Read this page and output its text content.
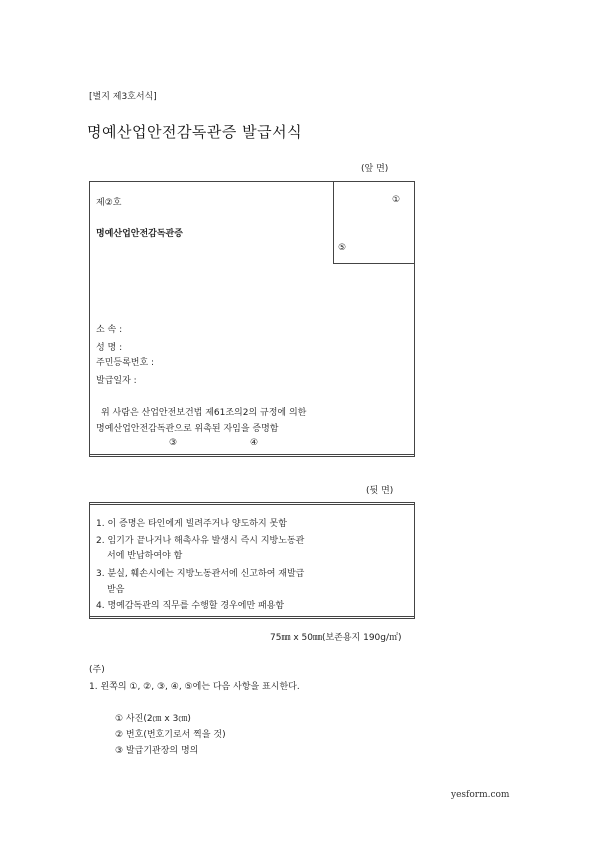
[별지 제3호서식]
명예산업안전감독관증 발급서식
(앞 면)
제②호	①
명예산업안전감독관증
⑤
소 속 :
성 명 :
주민등록번호 :
발급일자 :
위 사람은 산업안전보건법 제61조의2의 규정에 의한
명예산업안전감독관으로 위촉된 자임을 증명함
③	④
(뒷 면)
1. 이 증명은 타인에게 빌려주거나 양도하지 못함
2. 임기가 끝나거나 해촉사유 발생시 즉시 지방노동관
서에 반납하여야 함
3. 분실, 훼손시에는 지방노동관서에 신고하여 재발급
받음
4. 명예감독관의 직무를 수행할 경우에만 패용함
75㎜ x 50㎜(보존용지 190g/㎡)
(주)
1. 왼쪽의 ①, ②, ③, ④, ⑤에는 다음 사항을 표시한다.
① 사진(2㎝ x 3㎝)
② 번호(번호기로서 찍을 것)
③ 발급기관장의 명의
yesform.com
